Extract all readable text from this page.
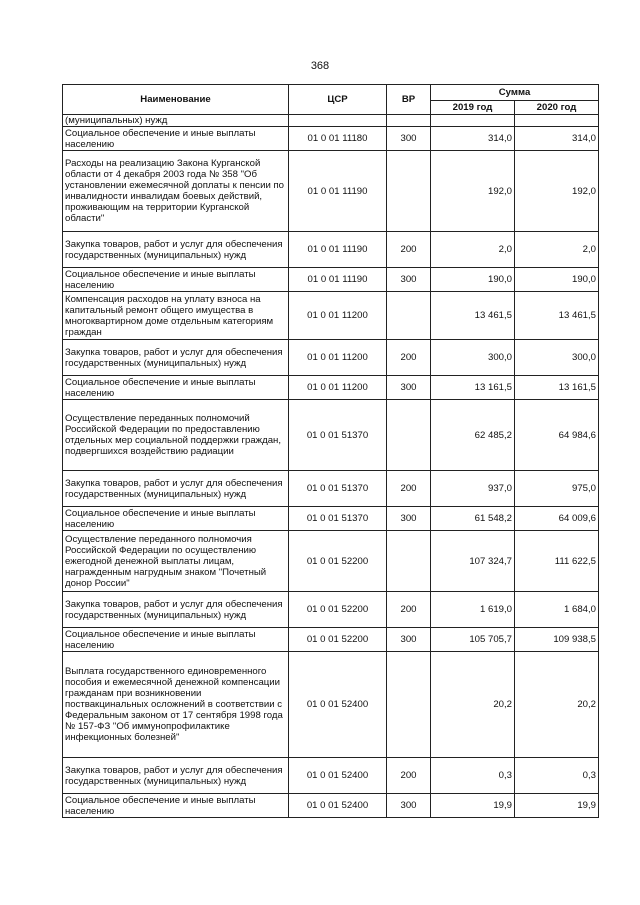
368
Наименование	ЦСР	ВР	Сумма	
			2019 год	2020 год
(муниципальных) нужд				
Социальное обеспечение и иные выплаты населению	01 0 01 11180	300	314,0	314,0
Расходы на реализацию Закона Курганской области от 4 декабря 2003 года № 358 "Об установлении ежемесячной доплаты к пенсии по инвалидности инвалидам боевых действий, проживающим на территории Курганской области"	01 0 01 11190		192,0	192,0
Закупка товаров, работ и услуг для обеспечения государственных (муниципальных) нужд	01 0 01 11190	200	2,0	2,0
Социальное обеспечение и иные выплаты населению	01 0 01 11190	300	190,0	190,0
Компенсация расходов на уплату взноса на капитальный ремонт общего имущества в многоквартирном доме отдельным категориям граждан	01 0 01 11200		13 461,5	13 461,5
Закупка товаров, работ и услуг для обеспечения государственных (муниципальных) нужд	01 0 01 11200	200	300,0	300,0
Социальное обеспечение и иные выплаты населению	01 0 01 11200	300	13 161,5	13 161,5
Осуществление переданных полномочий Российской Федерации по предоставлению отдельных мер социальной поддержки граждан, подвергшихся воздействию радиации	01 0 01 51370		62 485,2	64 984,6
Закупка товаров, работ и услуг для обеспечения государственных (муниципальных) нужд	01 0 01 51370	200	937,0	975,0
Социальное обеспечение и иные выплаты населению	01 0 01 51370	300	61 548,2	64 009,6
Осуществление переданного полномочия Российской Федерации по осуществлению ежегодной денежной выплаты лицам, награжденным нагрудным знаком "Почетный донор России"	01 0 01 52200		107 324,7	111 622,5
Закупка товаров, работ и услуг для обеспечения государственных (муниципальных) нужд	01 0 01 52200	200	1 619,0	1 684,0
Социальное обеспечение и иные выплаты населению	01 0 01 52200	300	105 705,7	109 938,5
Выплата государственного единовременного пособия и ежемесячной денежной компенсации гражданам при возникновении поствакцинальных осложнений в соответствии с Федеральным законом от 17 сентября 1998 года № 157-ФЗ "Об иммунопрофилактике инфекционных болезней"	01 0 01 52400		20,2	20,2
Закупка товаров, работ и услуг для обеспечения государственных (муниципальных) нужд	01 0 01 52400	200	0,3	0,3
Социальное обеспечение и иные выплаты населению	01 0 01 52400	300	19,9	19,9
